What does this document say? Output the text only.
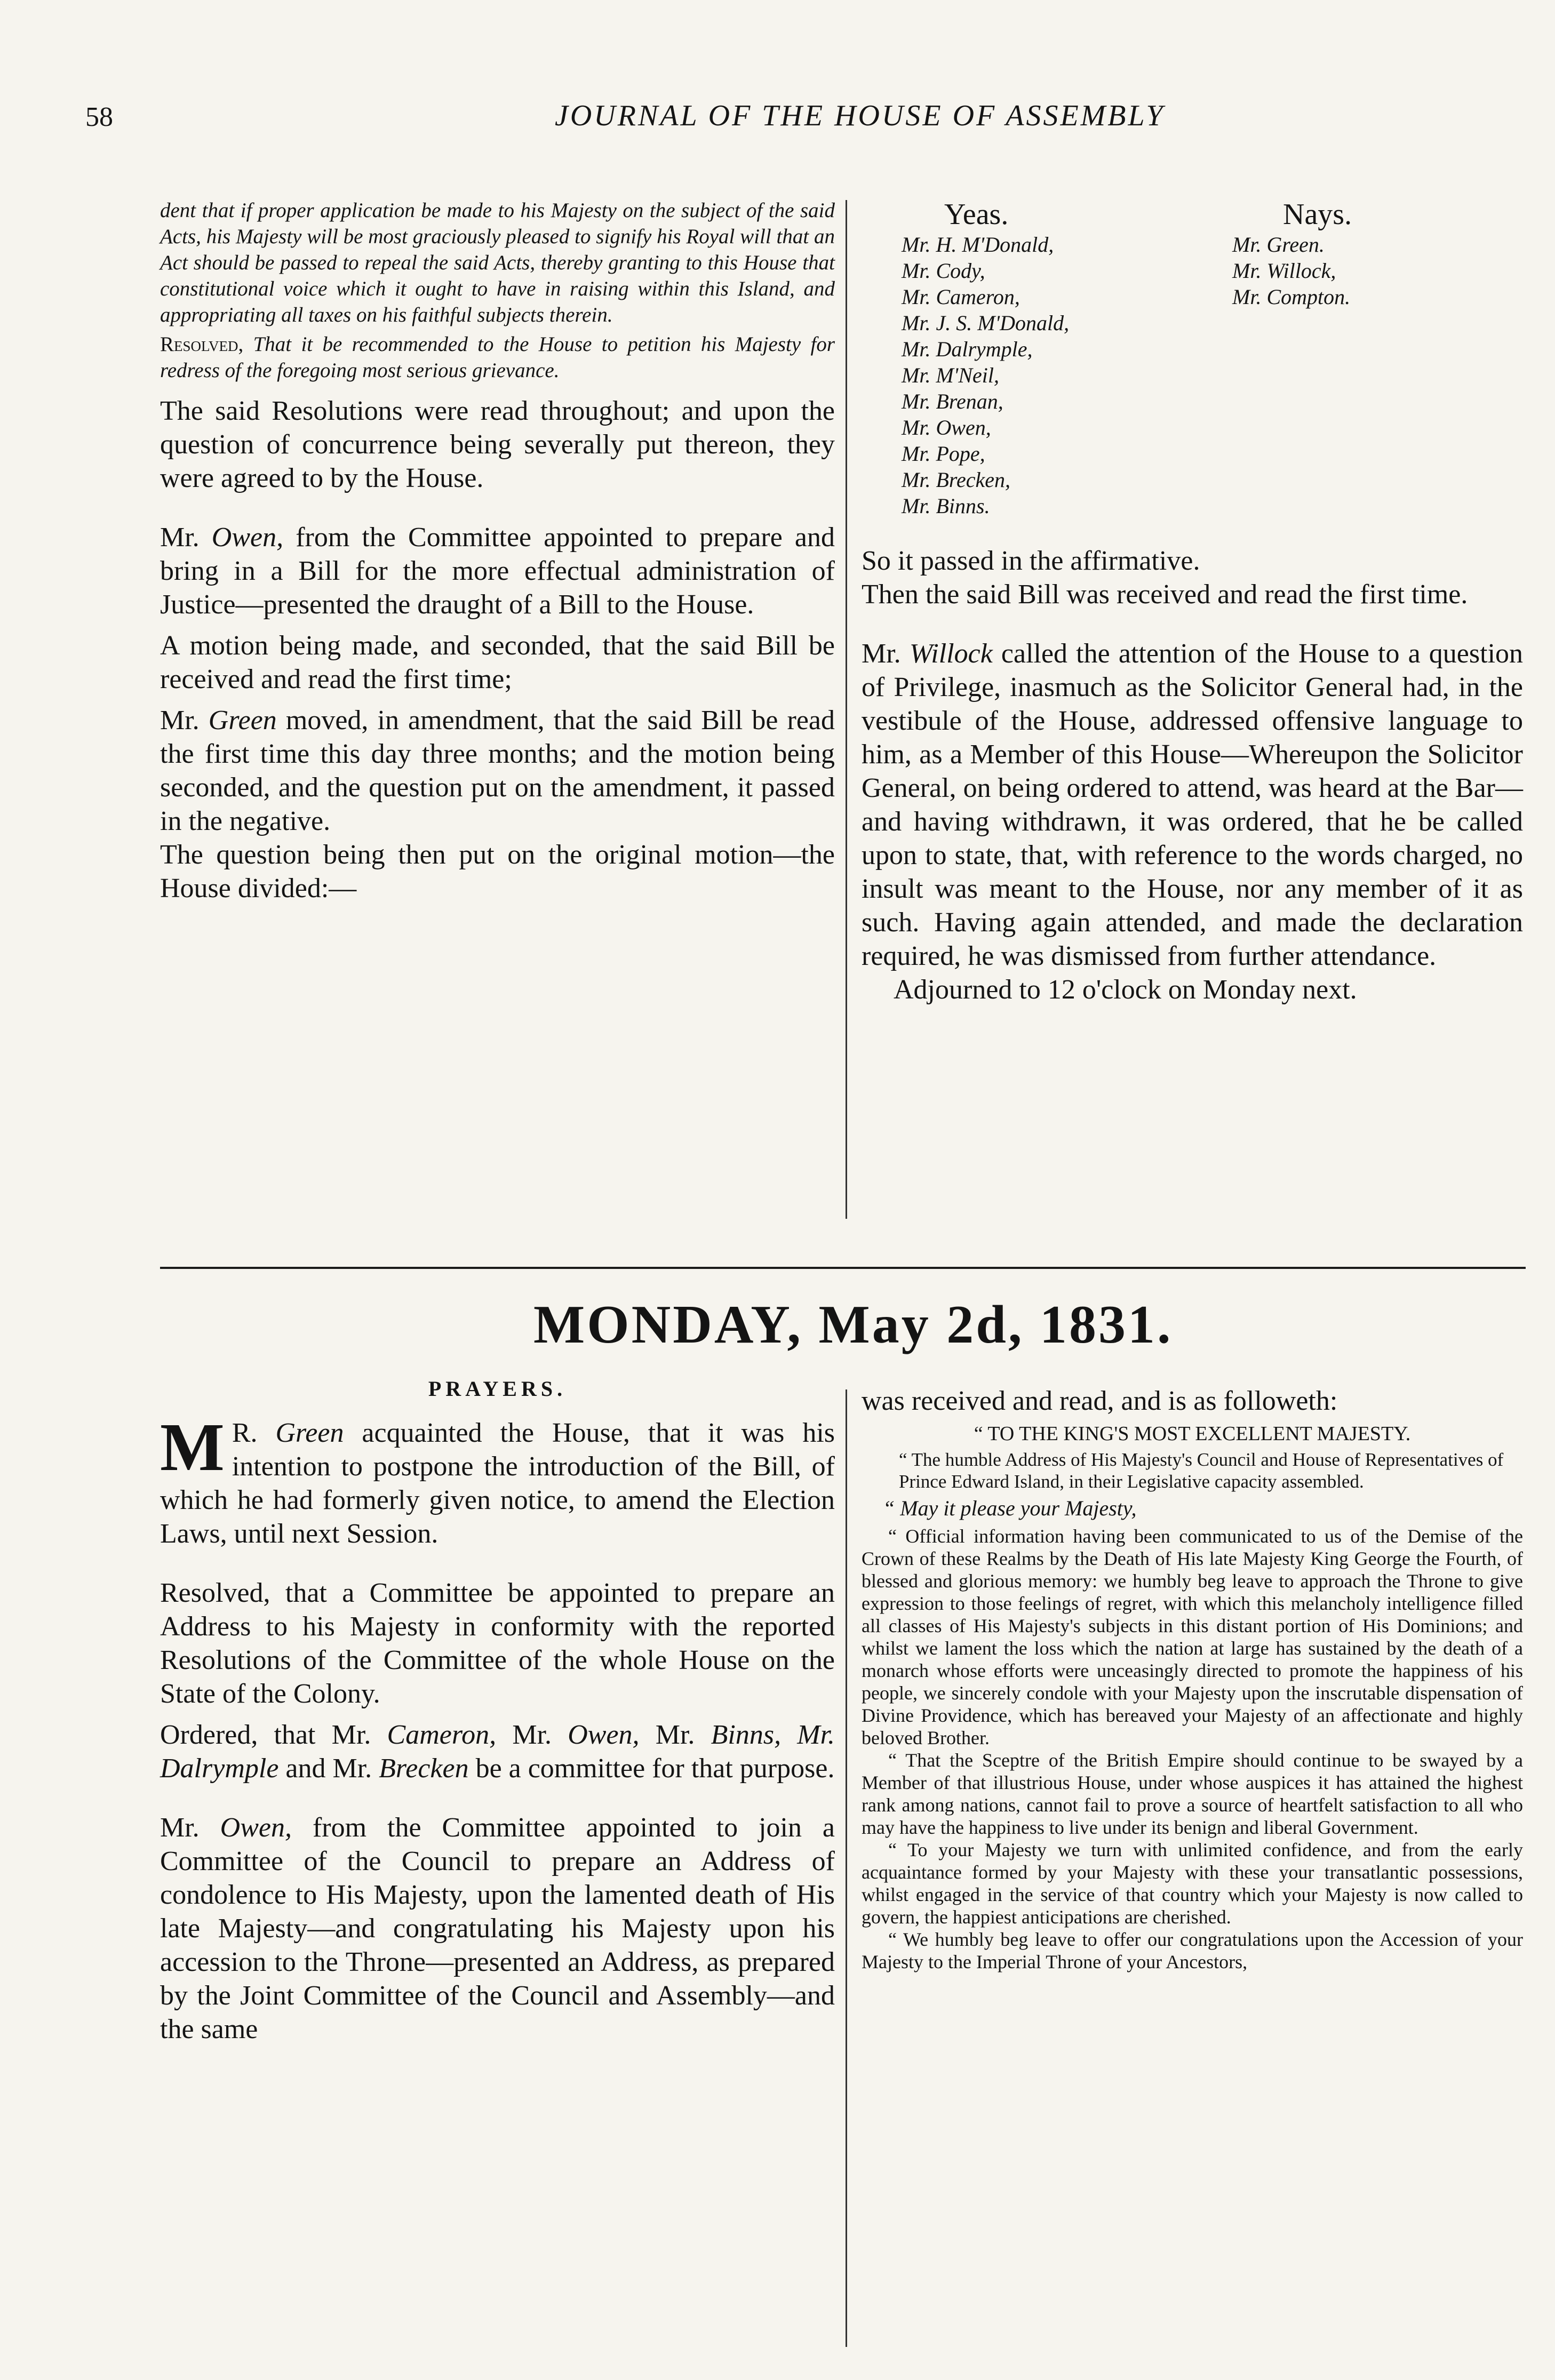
58	JOURNAL OF THE HOUSE OF ASSEMBLY

dent that if proper application be made to his Majesty on the subject of the said Acts, his Majesty will be most graciously pleased to signify his Royal will that an Act should be passed to repeal the said Acts, thereby granting to this House that constitutional voice which it ought to have in raising within this Island, and appropriating all taxes on his faithful subjects therein.

Resolved, That it be recommended to the House to petition his Majesty for redress of the foregoing most serious grievance.

The said Resolutions were read throughout; and upon the question of concurrence being severally put thereon, they were agreed to by the House.

Mr. Owen, from the Committee appointed to prepare and bring in a Bill for the more effectual administration of Justice—presented the draught of a Bill to the House.

A motion being made, and seconded, that the said Bill be received and read the first time;

Mr. Green moved, in amendment, that the said Bill be read the first time this day three months; and the motion being seconded, and the question put on the amendment, it passed in the negative.

The question being then put on the original motion—the House divided:—

Yeas.
Mr. H. M'Donald,
Mr. Cody,
Mr. Cameron,
Mr. J. S. M'Donald,
Mr. Dalrymple,
Mr. M'Neil,
Mr. Brenan,
Mr. Owen,
Mr. Pope,
Mr. Brecken,
Mr. Binns.
Nays.
Mr. Green.
Mr. Willock,
Mr. Compton.

So it passed in the affirmative.

Then the said Bill was received and read the first time.

Mr. Willock called the attention of the House to a question of Privilege, inasmuch as the Solicitor General had, in the vestibule of the House, addressed offensive language to him, as a Member of this House—Whereupon the Solicitor General, on being ordered to attend, was heard at the Bar—and having withdrawn, it was ordered, that he be called upon to state, that, with reference to the words charged, no insult was meant to the House, nor any member of it as such. Having again attended, and made the declaration required, he was dismissed from further attendance.

Adjourned to 12 o'clock on Monday next.

MONDAY, May 2d, 1831.
PRAYERS.

M R. Green acquainted the House, that it was his intention to postpone the introduction of the Bill, of which he had formerly given notice, to amend the Election Laws, until next Session.

Resolved, that a Committee be appointed to prepare an Address to his Majesty in conformity with the reported Resolutions of the Committee of the whole House on the State of the Colony.

Ordered, that Mr. Cameron, Mr. Owen, Mr. Binns, Mr. Dalrymple and Mr. Brecken be a committee for that purpose.

Mr. Owen, from the Committee appointed to join a Committee of the Council to prepare an Address of condolence to His Majesty, upon the lamented death of His late Majesty—and congratulating his Majesty upon his accession to the Throne—presented an Address, as prepared by the Joint Committee of the Council and Assembly—and the same

was received and read, and is as followeth:

“ TO THE KING'S MOST EXCELLENT MAJESTY.

“ The humble Address of His Majesty's Council and House of Representatives of Prince Edward Island, in their Legislative capacity assembled.

“ May it please your Majesty,

“ Official information having been communicated to us of the Demise of the Crown of these Realms by the Death of His late Majesty King George the Fourth, of blessed and glorious memory: we humbly beg leave to approach the Throne to give expression to those feelings of regret, with which this melancholy intelligence filled all classes of His Majesty's subjects in this distant portion of His Dominions; and whilst we lament the loss which the nation at large has sustained by the death of a monarch whose efforts were unceasingly directed to promote the happiness of his people, we sincerely condole with your Majesty upon the inscrutable dispensation of Divine Providence, which has bereaved your Majesty of an affectionate and highly beloved Brother.

“ That the Sceptre of the British Empire should continue to be swayed by a Member of that illustrious House, under whose auspices it has attained the highest rank among nations, cannot fail to prove a source of heartfelt satisfaction to all who may have the happiness to live under its benign and liberal Government.

“ To your Majesty we turn with unlimited confidence, and from the early acquaintance formed by your Majesty with these your transatlantic possessions, whilst engaged in the service of that country which your Majesty is now called to govern, the happiest anticipations are cherished.

“ We humbly beg leave to offer our congratulations upon the Accession of your Majesty to the Imperial Throne of your Ancestors,
